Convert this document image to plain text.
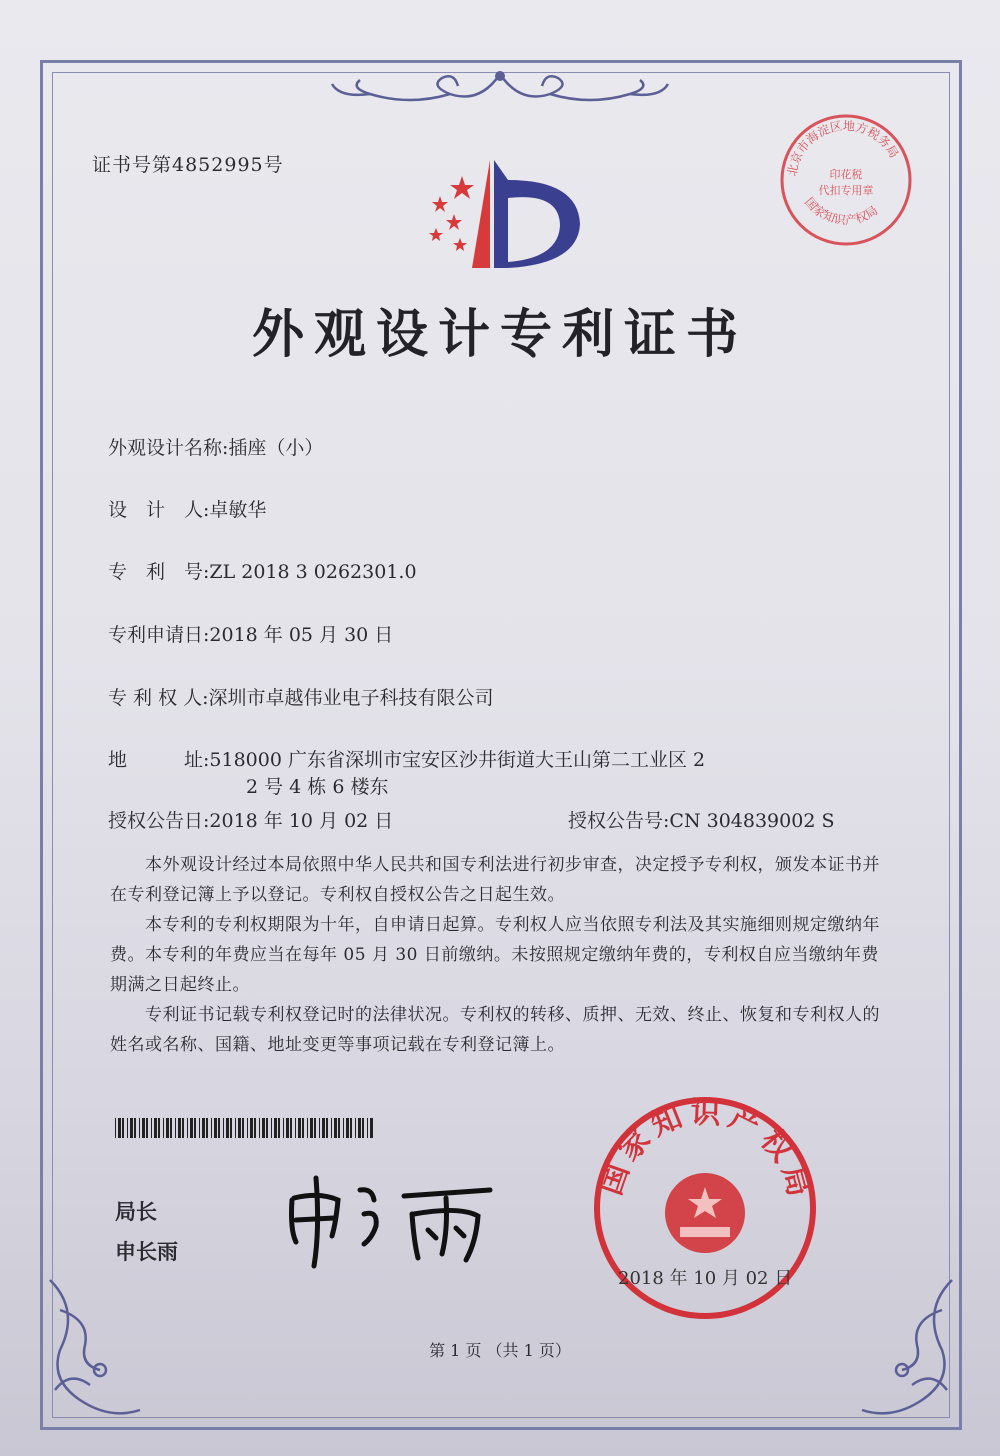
证书号第4852995号
外观设计专利证书
外观设计名称:插座（小）
设　计　人:卓敏华
专　利　号:ZL 2018 3 0262301.0
专利申请日:2018 年 05 月 30 日
专 利 权 人:深圳市卓越伟业电子科技有限公司
地　　　址:518000 广东省深圳市宝安区沙井街道大王山第二工业区 2
2 号 4 栋 6 楼东
授权公告日:2018 年 10 月 02 日	授权公告号:CN 304839002 S
　　本外观设计经过本局依照中华人民共和国专利法进行初步审查，决定授予专利权，颁发本证书并在专利登记簿上予以登记。专利权自授权公告之日起生效。
　　本专利的专利权期限为十年，自申请日起算。专利权人应当依照专利法及其实施细则规定缴纳年费。本专利的年费应当在每年 05 月 30 日前缴纳。未按照规定缴纳年费的，专利权自应当缴纳年费期满之日起终止。
　　专利证书记载专利权登记时的法律状况。专利权的转移、质押、无效、终止、恢复和专利权人的姓名或名称、国籍、地址变更等事项记载在专利登记簿上。
局长
申长雨
国家知识产权局
2018 年 10 月 02 日
北京市海淀区地方税务局
印花税
代扣专用章
国家知识产权局
第 1 页 （共 1 页）
